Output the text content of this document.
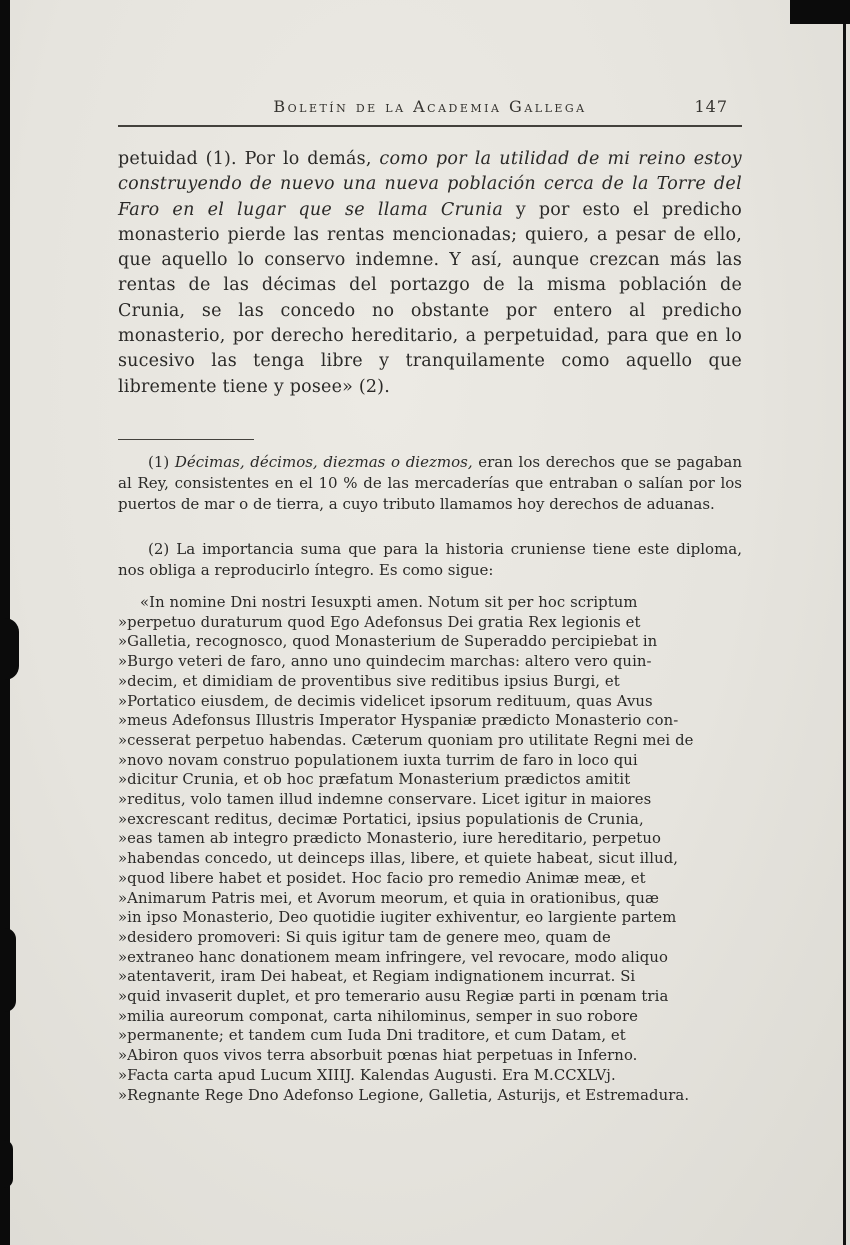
Boletín de la Academia Gallega	147
petuidad (1). Por lo demás, como por la utilidad de mi reino estoy construyendo de nuevo una nueva población cerca de la Torre del Faro en el lugar que se llama Crunia y por esto el predicho monasterio pierde las rentas mencionadas; quiero, a pesar de ello, que aquello lo conservo indemne. Y así, aunque crezcan más las rentas de las décimas del portazgo de la misma población de Crunia, se las concedo no obstante por entero al predicho monasterio, por derecho hereditario, a perpetuidad, para que en lo sucesivo las tenga libre y tranquilamente como aquello que libremente tiene y posee» (2).
(1) Décimas, décimos, diezmas o diezmos, eran los derechos que se pagaban al Rey, consistentes en el 10 % de las mercaderías que entraban o salían por los puertos de mar o de tierra, a cuyo tributo llamamos hoy derechos de aduanas.
(2) La importancia suma que para la historia cruniense tiene este diploma, nos obliga a reproducirlo íntegro. Es como sigue:
«In nomine Dni nostri Iesuxpti amen. Notum sit per hoc scriptum
»perpetuo duraturum quod Ego Adefonsus Dei gratia Rex legionis et
»Galletia, recognosco, quod Monasterium de Superaddo percipiebat in
»Burgo veteri de faro, anno uno quindecim marchas: altero vero quin-
»decim, et dimidiam de proventibus sive reditibus ipsius Burgi, et
»Portatico eiusdem, de decimis videlicet ipsorum redituum, quas Avus
»meus Adefonsus Illustris Imperator Hyspaniæ prædicto Monasterio con-
»cesserat perpetuo habendas. Cæterum quoniam pro utilitate Regni mei de
»novo novam construo populationem iuxta turrim de faro in loco qui
»dicitur Crunia, et ob hoc præfatum Monasterium prædictos amitit
»reditus, volo tamen illud indemne conservare. Licet igitur in maiores
»excrescant reditus, decimæ Portatici, ipsius populationis de Crunia,
»eas tamen ab integro prædicto Monasterio, iure hereditario, perpetuo
»habendas concedo, ut deinceps illas, libere, et quiete habeat, sicut illud,
»quod libere habet et posidet. Hoc facio pro remedio Animæ meæ, et
»Animarum Patris mei, et Avorum meorum, et quia in orationibus, quæ
»in ipso Monasterio, Deo quotidie iugiter exhiventur, eo largiente partem
»desidero promoveri: Si quis igitur tam de genere meo, quam de
»extraneo hanc donationem meam infringere, vel revocare, modo aliquo
»atentaverit, iram Dei habeat, et Regiam indignationem incurrat. Si
»quid invaserit duplet, et pro temerario ausu Regiæ parti in pœnam tria
»milia aureorum componat, carta nihilominus, semper in suo robore
»permanente; et tandem cum Iuda Dni traditore, et cum Datam, et
»Abiron quos vivos terra absorbuit pœnas hiat perpetuas in Inferno.
»Facta carta apud Lucum XIIIJ. Kalendas Augusti. Era M.CCXLVj.
»Regnante Rege Dno Adefonso Legione, Galletia, Asturijs, et Estremadura.
